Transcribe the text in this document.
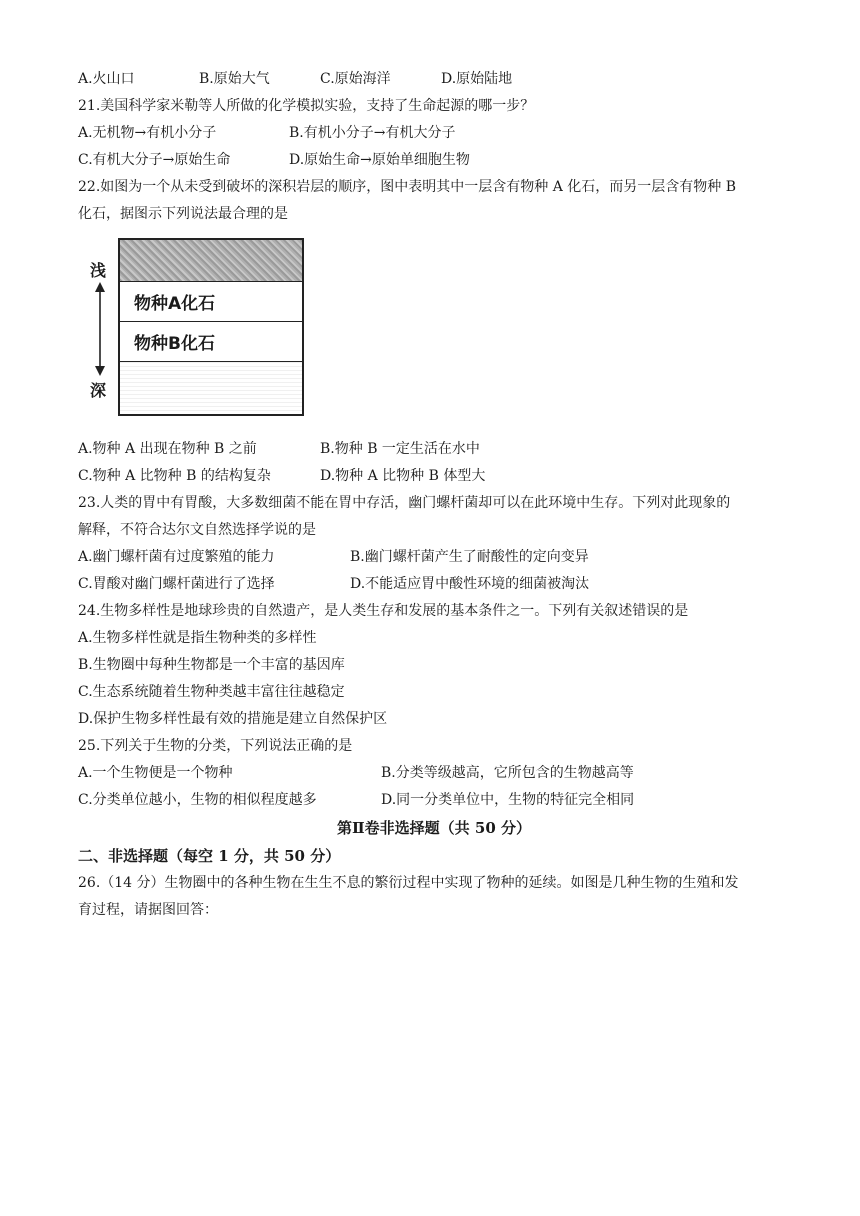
A.火山口	B.原始大气	C.原始海洋	D.原始陆地
21.美国科学家米勒等人所做的化学模拟实验，支持了生命起源的哪一步？
A.无机物→有机小分子	B.有机小分子→有机大分子
C.有机大分子→原始生命	D.原始生命→原始单细胞生物
22.如图为一个从未受到破坏的深积岩层的顺序，图中表明其中一层含有物种 A 化石，而另一层含有物种 B
化石，据图示下列说法最合理的是
浅
深
物种A化石
物种B化石
A.物种 A 出现在物种 B 之前	B.物种 B 一定生活在水中
C.物种 A 比物种 B 的结构复杂	D.物种 A 比物种 B 体型大
23.人类的胃中有胃酸，大多数细菌不能在胃中存活，幽门螺杆菌却可以在此环境中生存。下列对此现象的
解释，不符合达尔文自然选择学说的是
A.幽门螺杆菌有过度繁殖的能力	B.幽门螺杆菌产生了耐酸性的定向变异
C.胃酸对幽门螺杆菌进行了选择	D.不能适应胃中酸性环境的细菌被淘汰
24.生物多样性是地球珍贵的自然遗产，是人类生存和发展的基本条件之一。下列有关叙述错误的是
A.生物多样性就是指生物种类的多样性
B.生物圈中每种生物都是一个丰富的基因库
C.生态系统随着生物种类越丰富往往越稳定
D.保护生物多样性最有效的措施是建立自然保护区
25.下列关于生物的分类，下列说法正确的是
A.一个生物便是一个物种	B.分类等级越高，它所包含的生物越高等
C.分类单位越小，生物的相似程度越多	D.同一分类单位中，生物的特征完全相同
第Ⅱ卷非选择题（共 50 分）
二、非选择题（每空 1 分，共 50 分）
26.（14 分）生物圈中的各种生物在生生不息的繁衍过程中实现了物种的延续。如图是几种生物的生殖和发
育过程，请据图回答：
